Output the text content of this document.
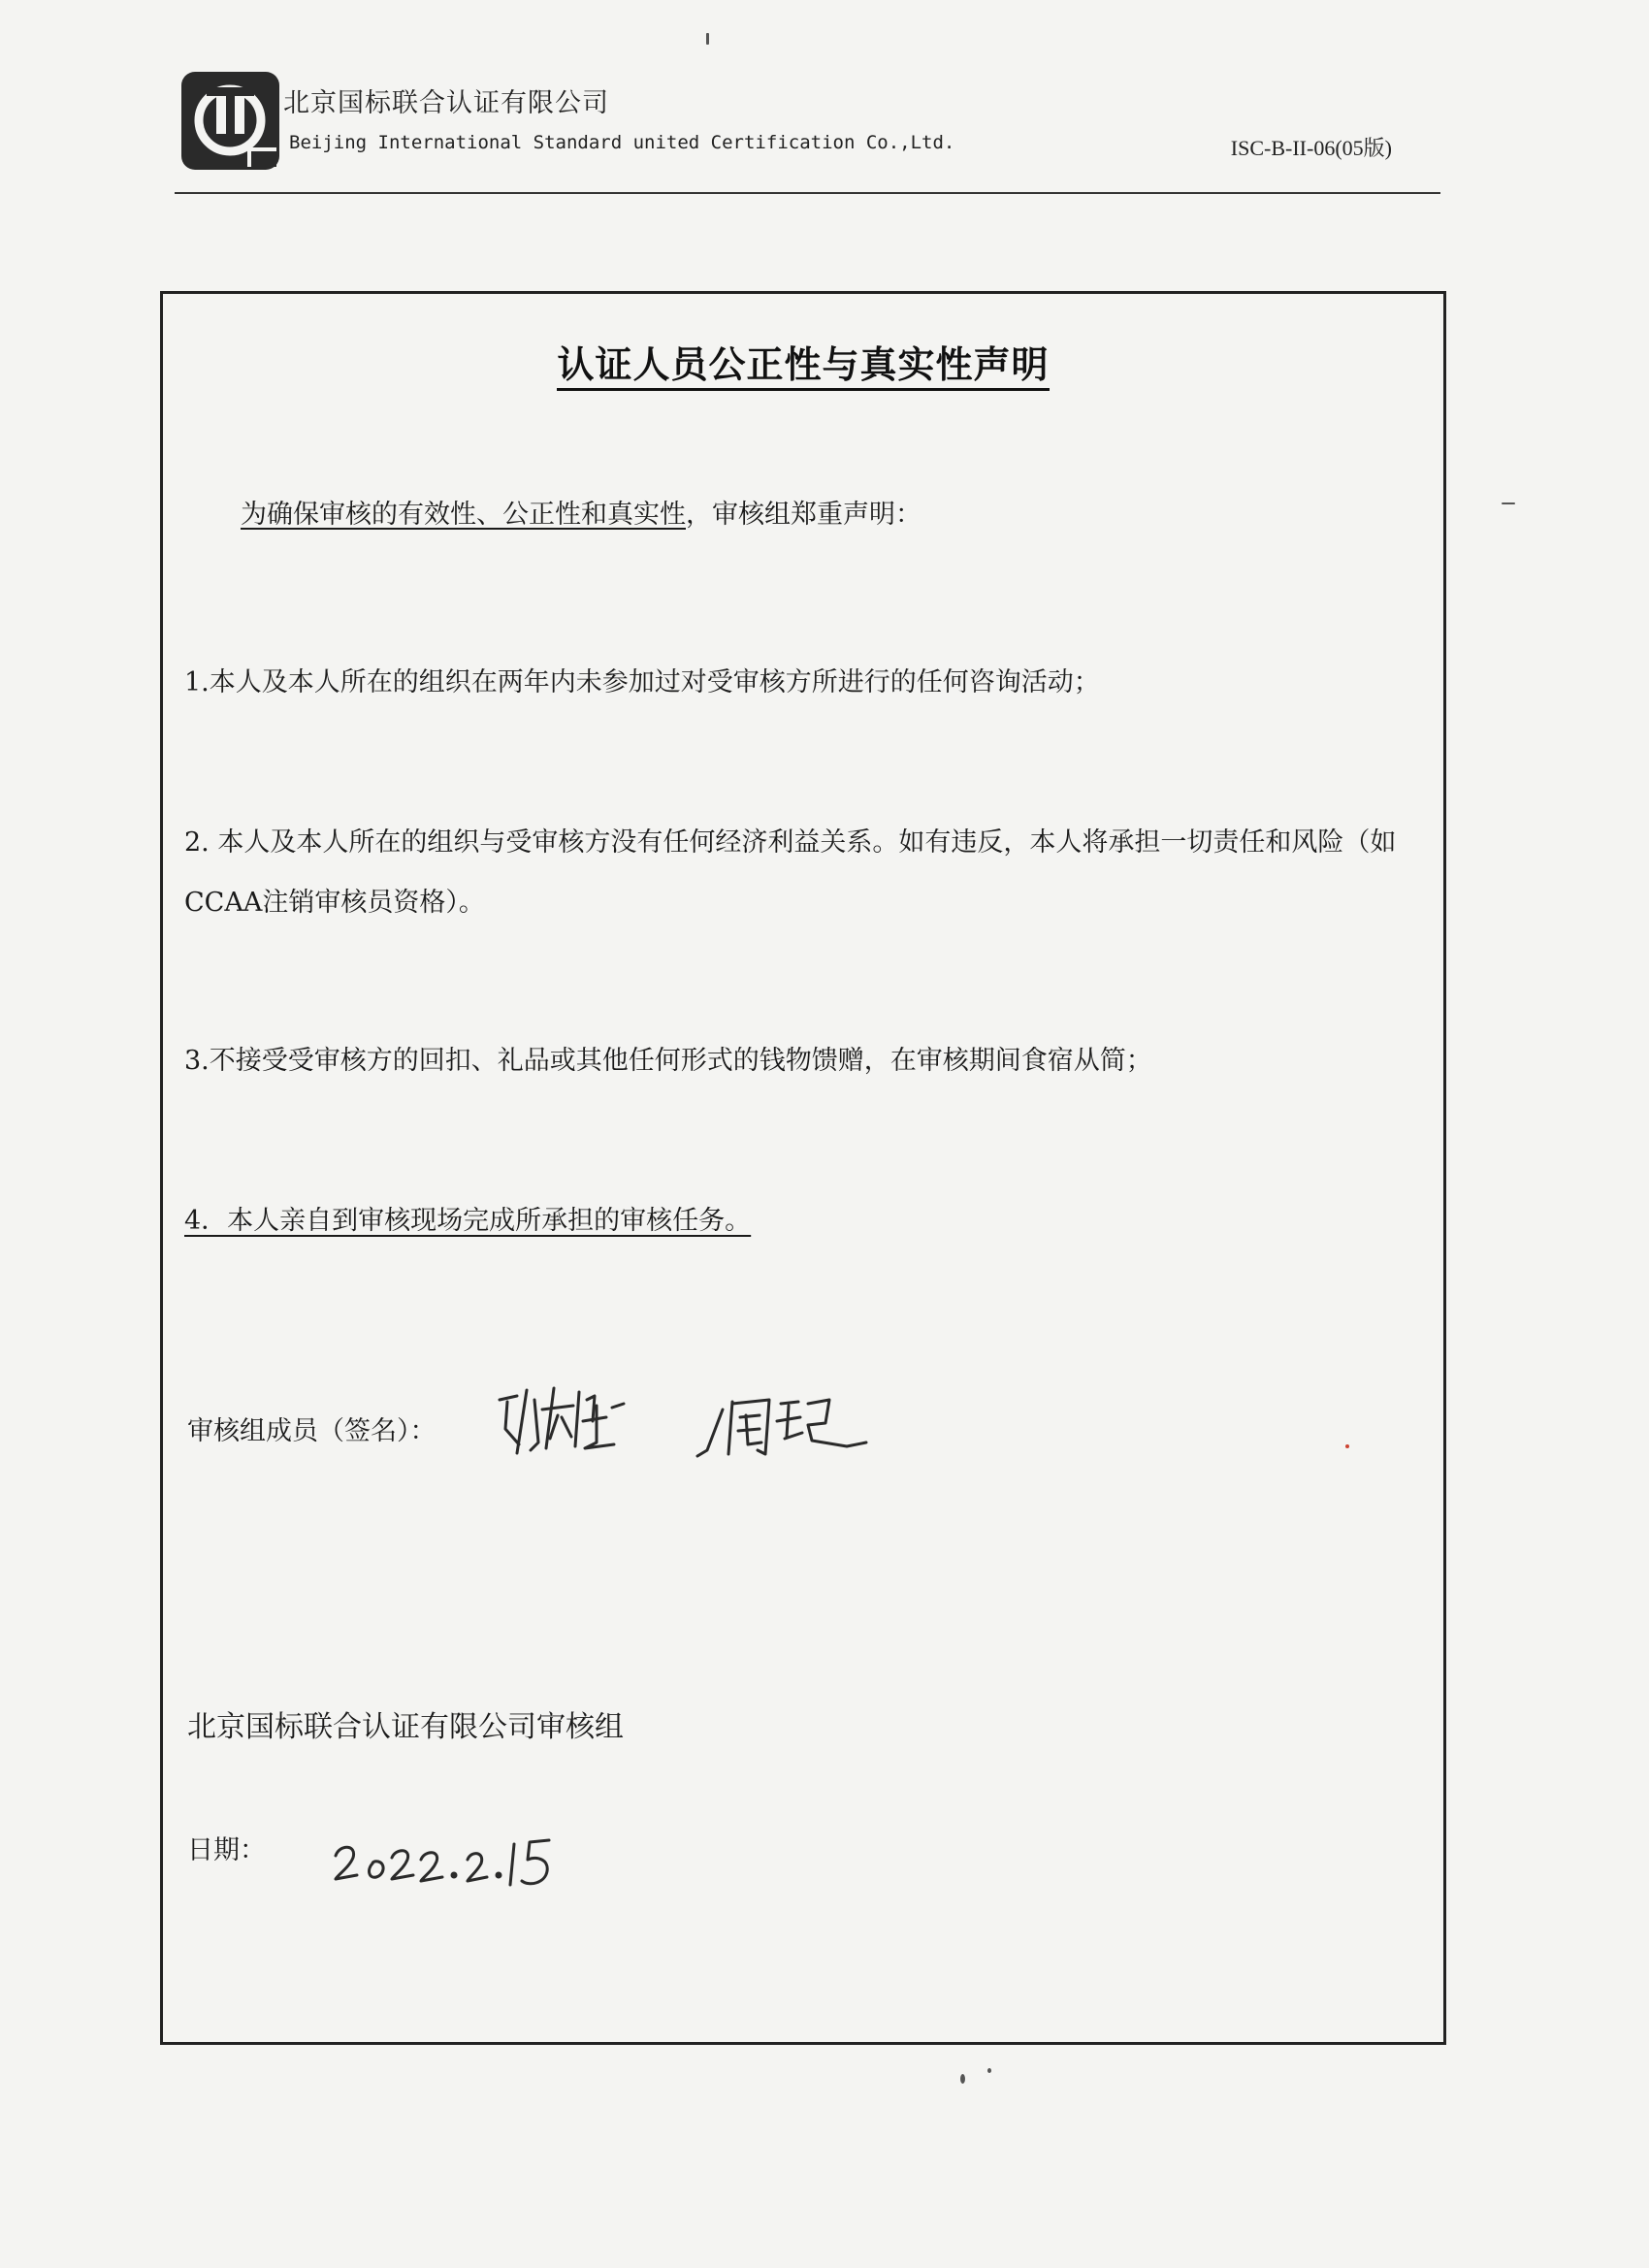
北京国标联合认证有限公司
Beijing International Standard united Certification Co.,Ltd.	ISC-B-II-06(05版)
认证人员公正性与真实性声明
为确保审核的有效性、公正性和真实性，审核组郑重声明：
1.本人及本人所在的组织在两年内未参加过对受审核方所进行的任何咨询活动；
2. 本人及本人所在的组织与受审核方没有任何经济利益关系。如有违反，本人将承担一切责任和风险（如CCAA注销审核员资格）。
3.不接受受审核方的回扣、礼品或其他任何形式的钱物馈赠，在审核期间食宿从简；
4．本人亲自到审核现场完成所承担的审核任务。
审核组成员（签名）：
北京国标联合认证有限公司审核组
日期：
